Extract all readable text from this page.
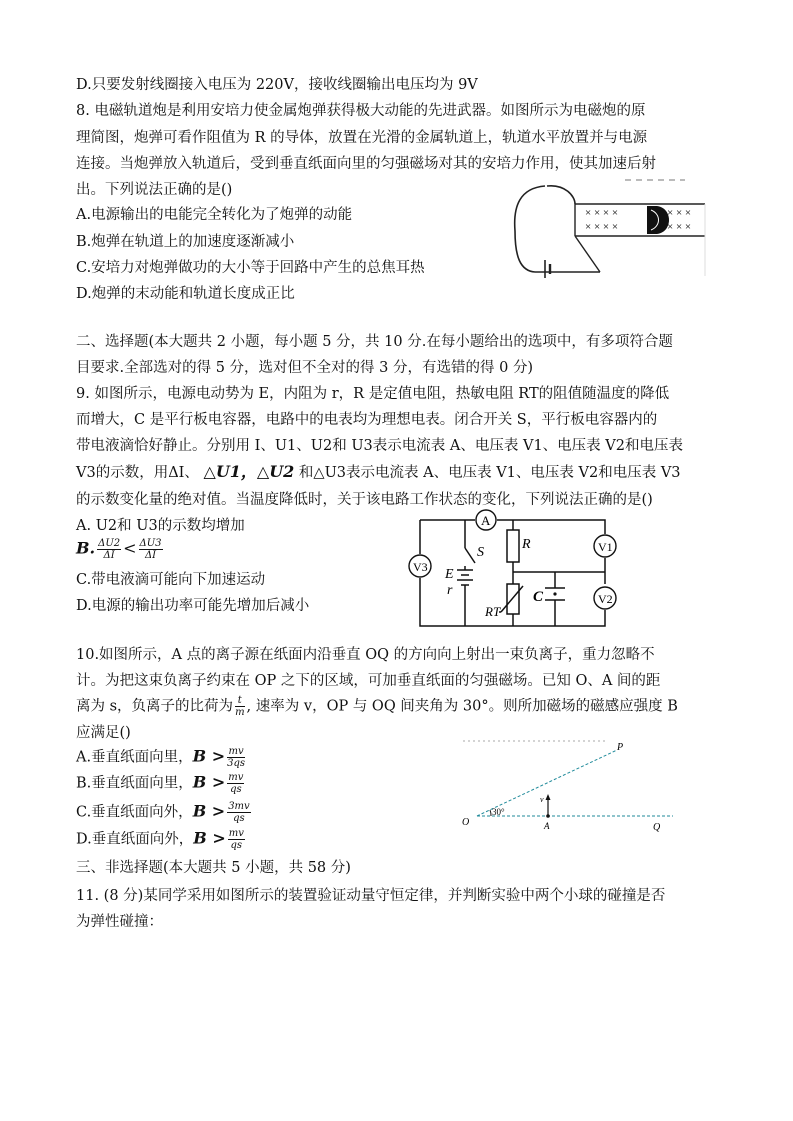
D.只要发射线圈接入电压为 220V，接收线圈输出电压均为 9V
8. 电磁轨道炮是利用安培力使金属炮弹获得极大动能的先进武器。如图所示为电磁炮的原
理简图，炮弹可看作阻值为 R 的导体，放置在光滑的金属轨道上，轨道水平放置并与电源
连接。当炮弹放入轨道后，受到垂直纸面向里的匀强磁场对其的安培力作用，使其加速后射
出。下列说法正确的是()
A.电源输出的电能完全转化为了炮弹的动能
B.炮弹在轨道上的加速度逐渐减小
C.安培力对炮弹做功的大小等于回路中产生的总焦耳热
D.炮弹的末动能和轨道长度成正比
二、选择题(本大题共 2 小题，每小题 5 分，共 10 分.在每小题给出的选项中，有多项符合题
目要求.全部选对的得 5 分，选对但不全对的得 3 分，有选错的得 0 分)
9. 如图所示，电源电动势为 E，内阻为 r，R 是定值电阻，热敏电阻 RT的阻值随温度的降低
而增大，C 是平行板电容器，电路中的电表均为理想电表。闭合开关 S，平行板电容器内的
带电液滴恰好静止。分别用 I、U1、U2和 U3表示电流表 A、电压表 V1、电压表 V2和电压表
V3的示数，用ΔI、 △U1，△U2 和△U3表示电流表 A、电压表 V1、电压表 V2和电压表 V3
的示数变化量的绝对值。当温度降低时，关于该电路工作状态的变化，下列说法正确的是()
A. U2和 U3的示数均增加
B. $\frac{\Delta U2}{\Delta I} < \frac{\Delta U3}{\Delta I}$
C.带电液滴可能向下加速运动
D.电源的输出功率可能先增加后减小
10.如图所示，A 点的离子源在纸面内沿垂直 OQ 的方向向上射出一束负离子，重力忽略不
计。为把这束负离子约束在 OP 之下的区域，可加垂直纸面的匀强磁场。已知 O、A 间的距
离为 s，负离子的比荷为 $\frac{t}{m}$ , 速率为 v，OP 与 OQ 间夹角为 30°。则所加磁场的磁感应强度 B
应满足()
A.垂直纸面向里，$B > \frac{mv}{3qs}$
B.垂直纸面向里，$B > \frac{mv}{qs}$
C.垂直纸面向外，$B > \frac{3mv}{qs}$
D.垂直纸面向外，$B > \frac{mv}{qs}$
三、非选择题(本大题共 5 小题，共 58 分)
11. (8 分)某同学采用如图所示的装置验证动量守恒定律，并判断实验中两个小球的碰撞是否
为弹性碰撞：
× × × ×
× × × ×
× × ×
× × ×
A
V1
V2
V3
S
R
E
r	C
RT
P
O	A	Q
v
30°
